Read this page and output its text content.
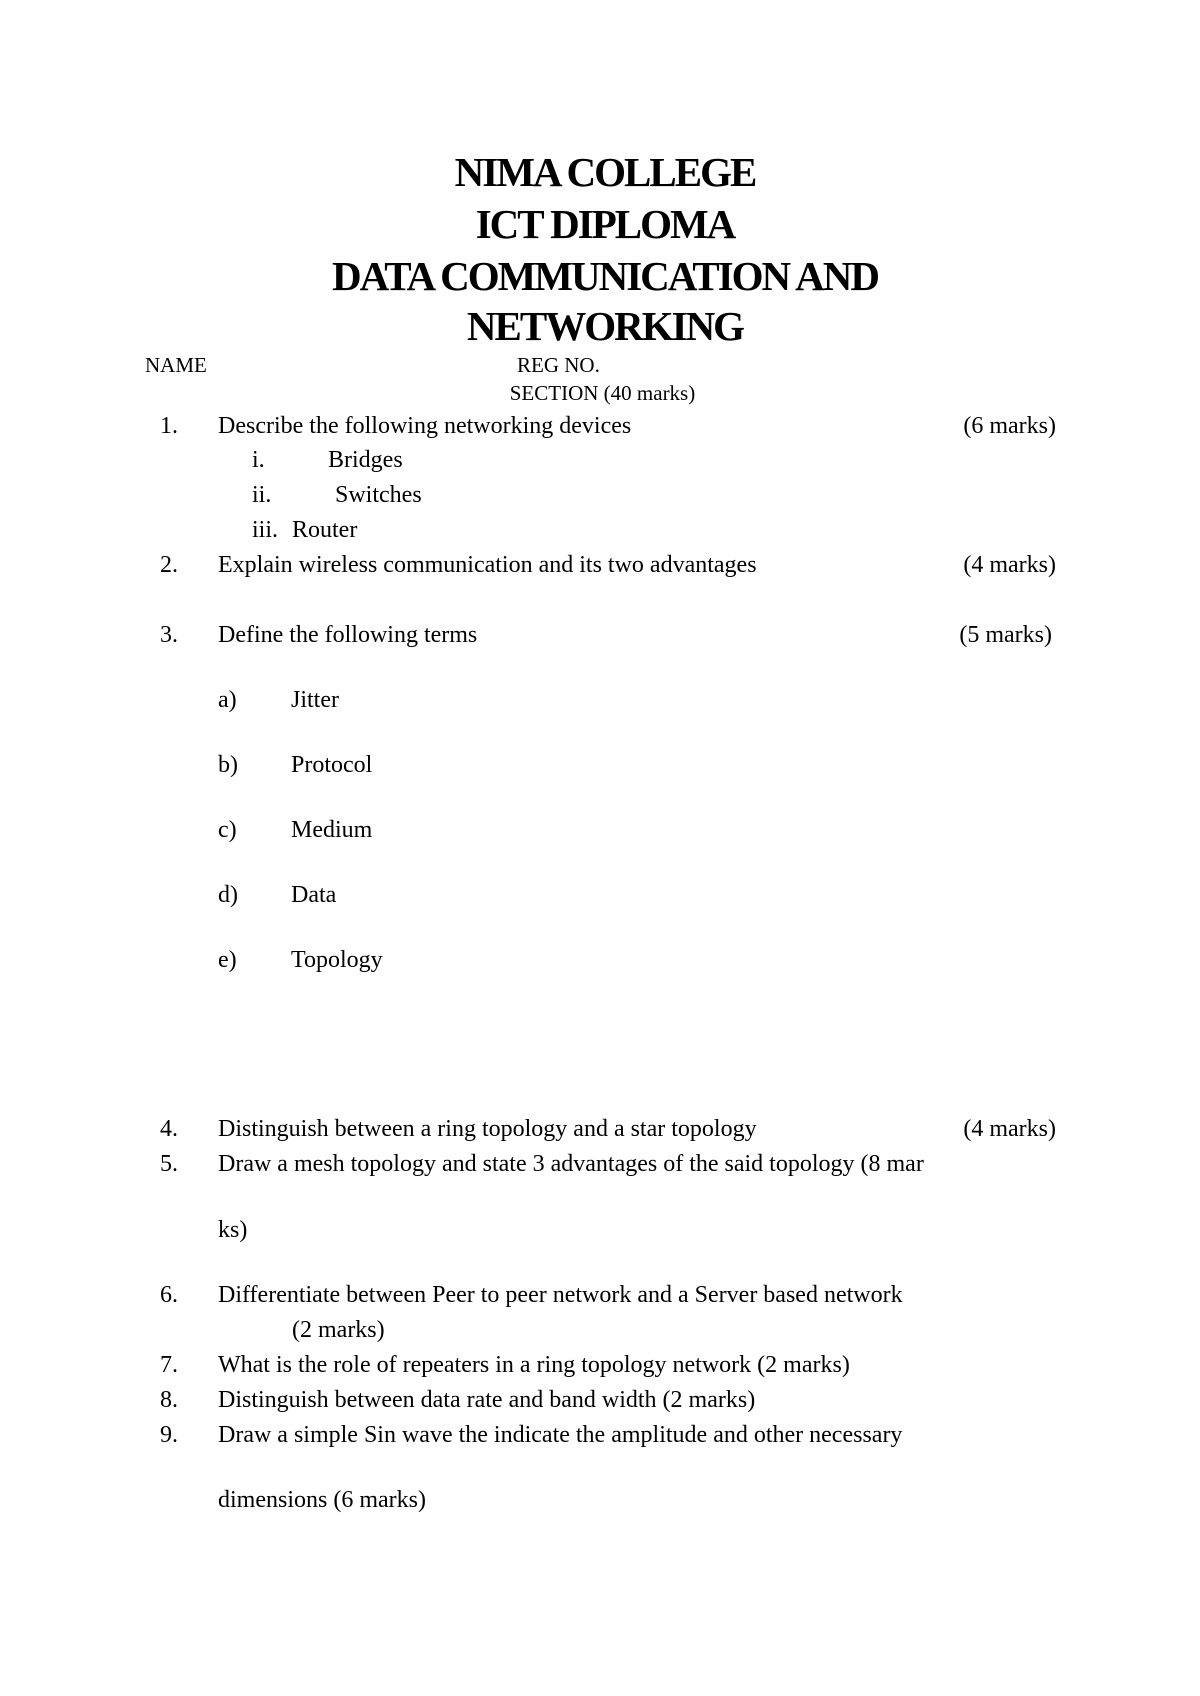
NIMA COLLEGE
ICT DIPLOMA
DATA COMMUNICATION AND
NETWORKING
NAME	REG NO.
SECTION (40 marks)
1. Describe the following networking devices	(6 marks)
i.	Bridges
ii.	Switches
iii. Router
2. Explain wireless communication and its two advantages	(4 marks)
3. Define the following terms	(5 marks)
a) Jitter
b) Protocol
c) Medium
d) Data
e) Topology
4. Distinguish between a ring topology and a star topology	(4 marks)
5. Draw a mesh topology and state 3 advantages of the said topology (8 mar
ks)
6. Differentiate between Peer to peer network and a Server based network
(2 marks)
7. What is the role of repeaters in a ring topology network (2 marks)
8. Distinguish between data rate and band width (2 marks)
9. Draw a simple Sin wave the indicate the amplitude and other necessary
dimensions (6 marks)
